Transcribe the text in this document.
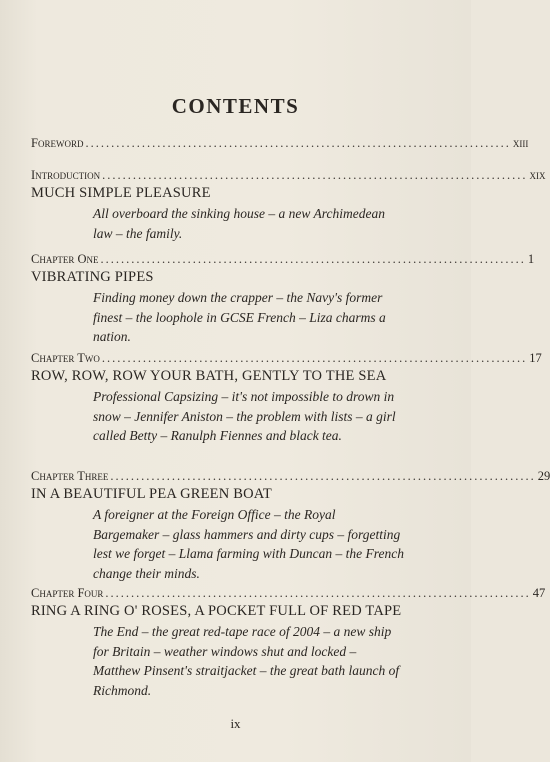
CONTENTS
Foreword ................................................................................... xiii
Introduction ................................................................................... xix
MUCH SIMPLE PLEASURE
All overboard the sinking house – a new Archimedean law – the family.
Chapter One ................................................................................... 1
VIBRATING PIPES
Finding money down the crapper – the Navy's former finest – the loophole in GCSE French – Liza charms a nation.
Chapter Two ................................................................................... 17
ROW, ROW, ROW YOUR BATH, GENTLY TO THE SEA
Professional Capsizing – it's not impossible to drown in snow – Jennifer Aniston – the problem with lists – a girl called Betty – Ranulph Fiennes and black tea.
Chapter Three ................................................................................... 29
IN A BEAUTIFUL PEA GREEN BOAT
A foreigner at the Foreign Office – the Royal Bargemaker – glass hammers and dirty cups – forgetting lest we forget – Llama farming with Duncan – the French change their minds.
Chapter Four ................................................................................... 47
RING A RING O' ROSES, A POCKET FULL OF RED TAPE
The End – the great red-tape race of 2004 – a new ship for Britain – weather windows shut and locked – Matthew Pinsent's straitjacket – the great bath launch of Richmond.
ix
